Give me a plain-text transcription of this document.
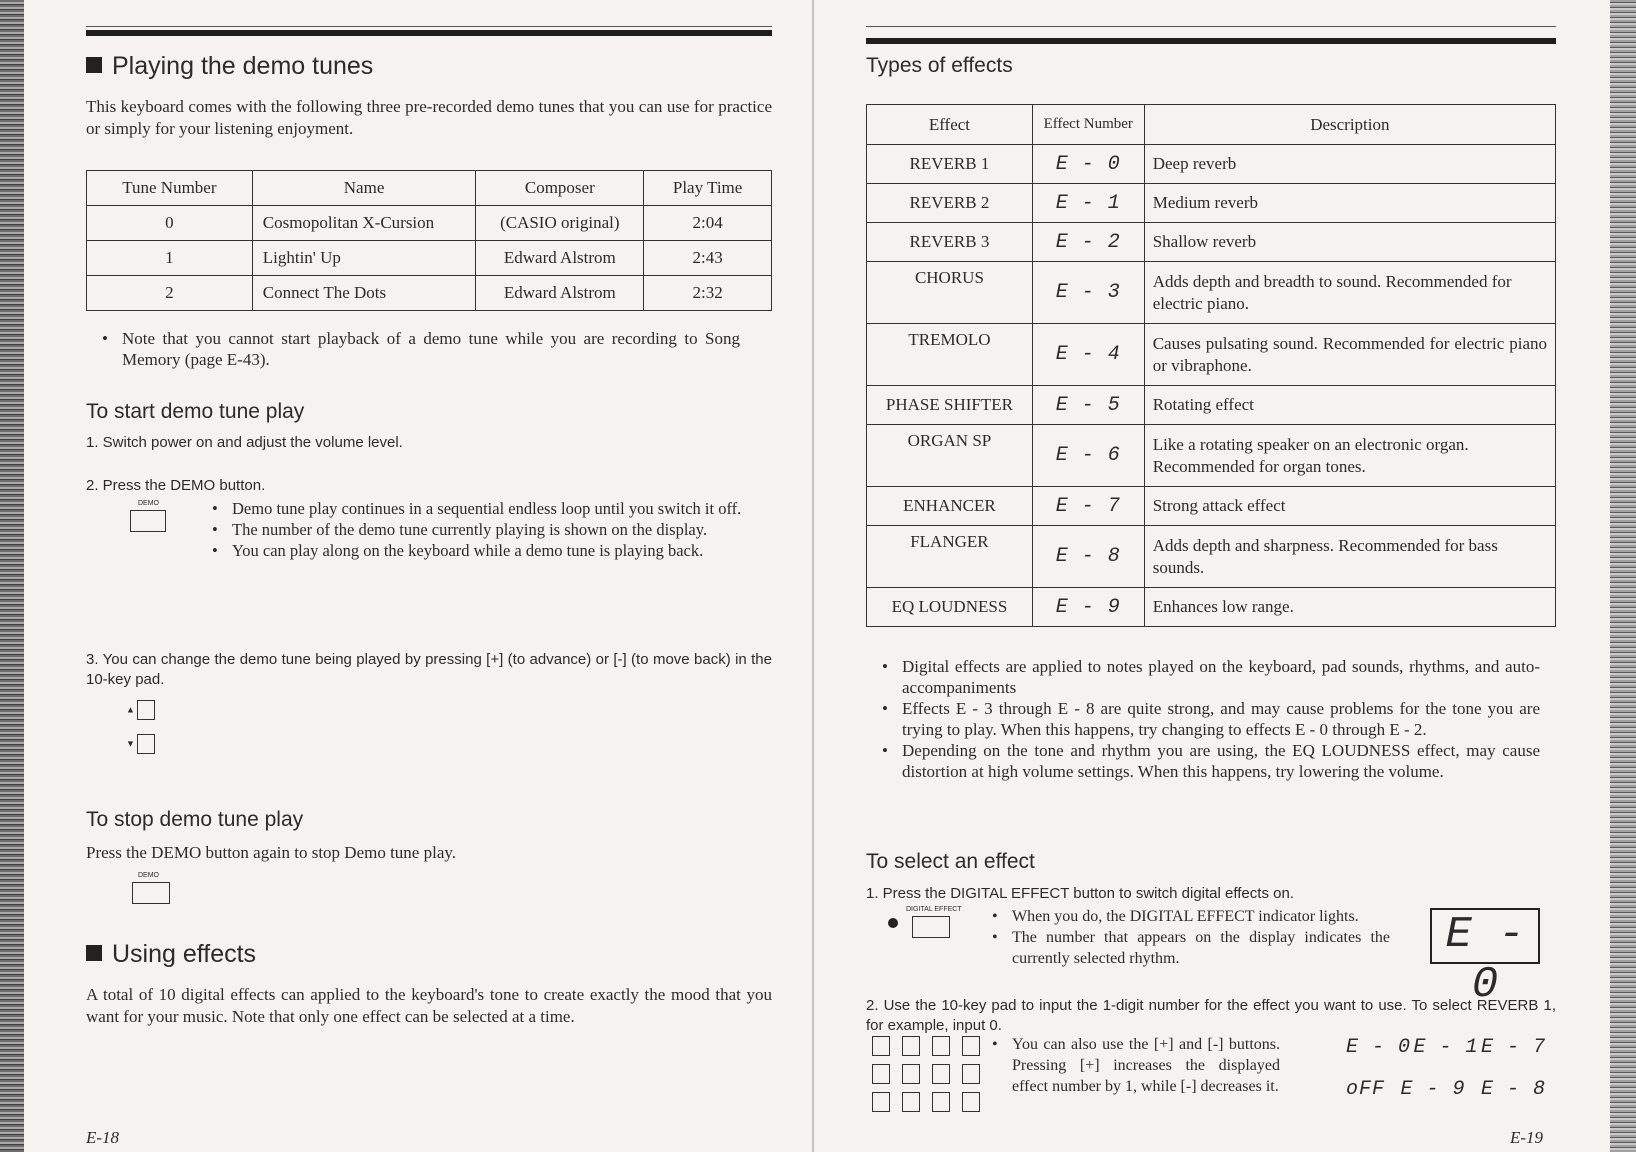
Playing the demo tunes

This keyboard comes with the following three pre-recorded demo tunes that you can use for practice or simply for your listening enjoyment.

Tune Number	Name	Composer	Play Time
0	Cosmopolitan X-Cursion	(CASIO original)	2:04
1	Lightin' Up	Edward Alstrom	2:43
2	Connect The Dots	Edward Alstrom	2:32
• Note that you cannot start playback of a demo tune while you are recording to Song Memory (page E-43).
To start demo tune play

1. Switch power on and adjust the volume level.

2. Press the DEMO button.

DEMO	• Demo tune play continues in a sequential endless loop until you switch it off.
• The number of the demo tune currently playing is shown on the display.
• You can play along on the keyboard while a demo tune is playing back.

3. You can change the demo tune being played by pressing [+] (to advance) or [-] (to move back) in the 10-key pad.

▲
▼
To stop demo tune play

Press the DEMO button again to stop Demo tune play.

DEMO
Using effects

A total of 10 digital effects can applied to the keyboard's tone to create exactly the mood that you want for your music. Note that only one effect can be selected at a time.

E-18
Types of effects
Effect	Effect Number	Description
REVERB 1	E - 0	Deep reverb
REVERB 2	E - 1	Medium reverb
REVERB 3	E - 2	Shallow reverb
CHORUS	E - 3	Adds depth and breadth to sound. Recommended for electric piano.
TREMOLO	E - 4	Causes pulsating sound. Recommended for electric piano or vibraphone.
PHASE SHIFTER	E - 5	Rotating effect
ORGAN SP	E - 6	Like a rotating speaker on an electronic organ. Recommended for organ tones.
ENHANCER	E - 7	Strong attack effect
FLANGER	E - 8	Adds depth and sharpness. Recommended for bass sounds.
EQ LOUDNESS	E - 9	Enhances low range.
• Digital effects are applied to notes played on the keyboard, pad sounds, rhythms, and auto-accompaniments
• Effects E - 3 through E - 8 are quite strong, and may cause problems for the tone you are trying to play. When this happens, try changing to effects E - 0 through E - 2.
• Depending on the tone and rhythm you are using, the EQ LOUDNESS effect, may cause distortion at high volume settings. When this happens, try lowering the volume.
To select an effect

1. Press the DIGITAL EFFECT button to switch digital effects on.

DIGITAL EFFECT	• When you do, the DIGITAL EFFECT indicator lights.
• The number that appears on the display indicates the currently selected rhythm.	E - 0

2. Use the 10-key pad to input the 1-digit number for the effect you want to use. To select REVERB 1, for example, input 0.

• You can also use the [+] and [-] buttons. Pressing [+] increases the displayed effect number by 1, while [-] decreases it.
E - 0 E - 1 E - 7
oFF E - 9 E - 8
E-19
